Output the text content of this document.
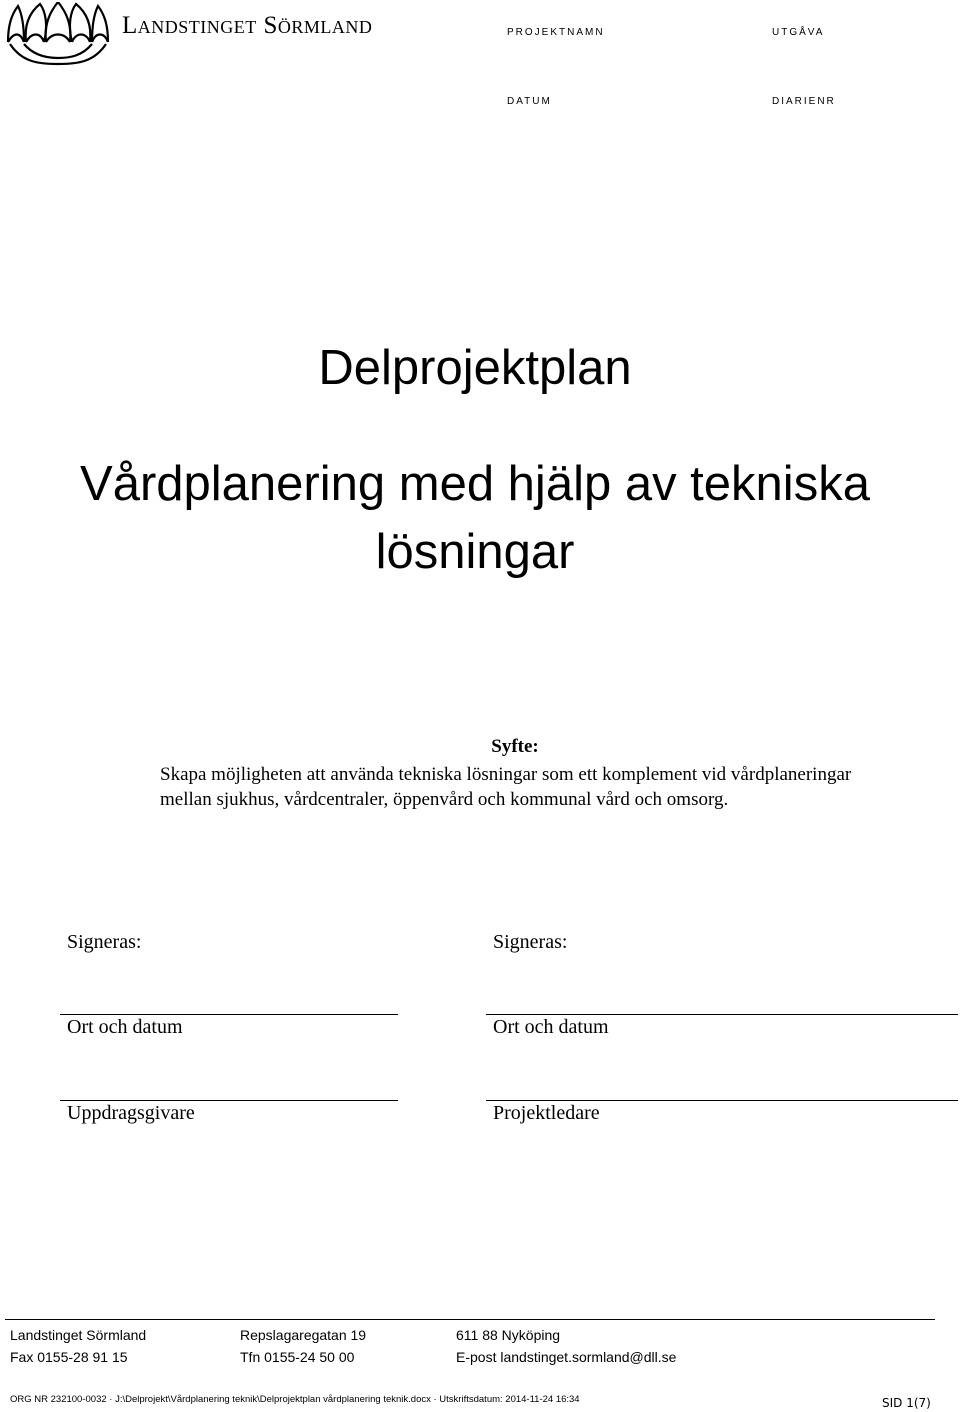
Landstinget Sörmland	PROJEKTNAMN	UTGÅVA
DATUM	DIARIENR
Delprojektplan
Vårdplanering med hjälp av tekniska lösningar
Syfte:
Skapa möjligheten att använda tekniska lösningar som ett komplement vid vårdplaneringar mellan sjukhus, vårdcentraler, öppenvård och kommunal vård och omsorg.
Signeras:
Ort och datum
Uppdragsgivare
Signeras:
Ort och datum
Projektledare
Landstinget Sörmland	Repslagaregatan 19	611 88 Nyköping
Fax 0155-28 91 15	Tfn 0155-24 50 00	E-post landstinget.sormland@dll.se
ORG NR 232100-0032 · J:\Delprojekt\Vårdplanering teknik\Delprojektplan vårdplanering teknik.docx · Utskriftsdatum: 2014-11-24 16:34	SID 1(7)
